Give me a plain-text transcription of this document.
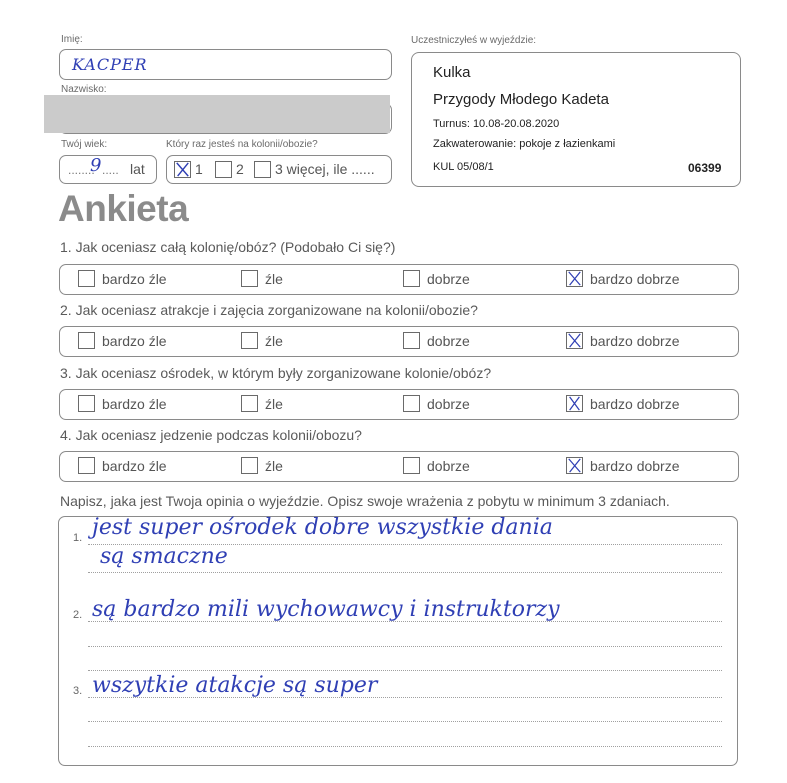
Imię:
KACPER
Nazwisko:
Twój wiek:
........
9 ..... lat
Który raz jesteś na kolonii/obozie?
1 2 3 więcej, ile ......
Uczestniczyłeś w wyjeździe:
Kulka
Przygody Młodego Kadeta
Turnus: 10.08-20.08.2020
Zakwaterowanie: pokoje z łazienkami
KUL 05/08/1	06399
Ankieta
1. Jak oceniasz całą kolonię/obóz? (Podobało Ci się?)
bardzo źle	źle	dobrze	bardzo dobrze
2. Jak oceniasz atrakcje i zajęcia zorganizowane na kolonii/obozie?
bardzo źle	źle	dobrze	bardzo dobrze
3. Jak oceniasz ośrodek, w którym były zorganizowane kolonie/obóz?
bardzo źle	źle	dobrze	bardzo dobrze
4. Jak oceniasz jedzenie podczas kolonii/obozu?
bardzo źle	źle	dobrze	bardzo dobrze
Napisz, jaka jest Twoja opinia o wyjeździe. Opisz swoje wrażenia z pobytu w minimum 3 zdaniach.
1. jest super ośrodek dobre wszystkie dania
są smaczne
2. są bardzo mili wychowawcy i instruktorzy
3. wszytkie atakcje są super
